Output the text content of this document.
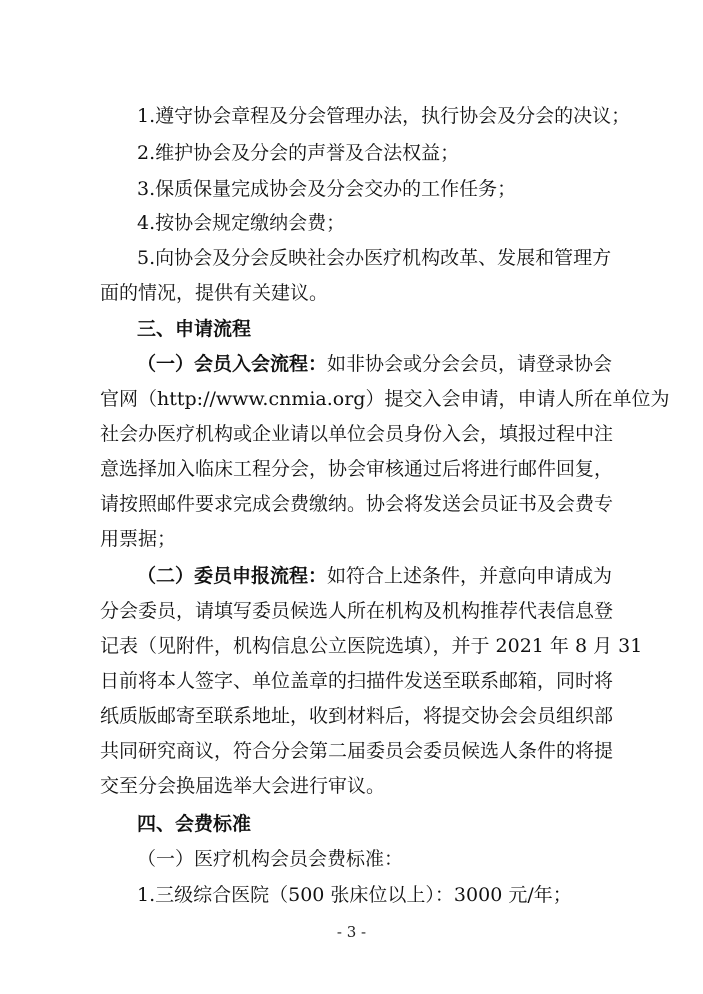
1.遵守协会章程及分会管理办法，执行协会及分会的决议；
2.维护协会及分会的声誉及合法权益；
3.保质保量完成协会及分会交办的工作任务；
4.按协会规定缴纳会费；
5.向协会及分会反映社会办医疗机构改革、发展和管理方
面的情况，提供有关建议。
三、申请流程
（一）会员入会流程：如非协会或分会会员，请登录协会
官网（http://www.cnmia.org）提交入会申请，申请人所在单位为
社会办医疗机构或企业请以单位会员身份入会，填报过程中注
意选择加入临床工程分会，协会审核通过后将进行邮件回复，
请按照邮件要求完成会费缴纳。协会将发送会员证书及会费专
用票据；
（二）委员申报流程：如符合上述条件，并意向申请成为
分会委员，请填写委员候选人所在机构及机构推荐代表信息登
记表（见附件，机构信息公立医院选填），并于 2021 年 8 月 31
日前将本人签字、单位盖章的扫描件发送至联系邮箱，同时将
纸质版邮寄至联系地址，收到材料后，将提交协会会员组织部
共同研究商议，符合分会第二届委员会委员候选人条件的将提
交至分会换届选举大会进行审议。
四、会费标准
（一）医疗机构会员会费标准：
1.三级综合医院（500 张床位以上）：3000 元/年；
- 3 -
